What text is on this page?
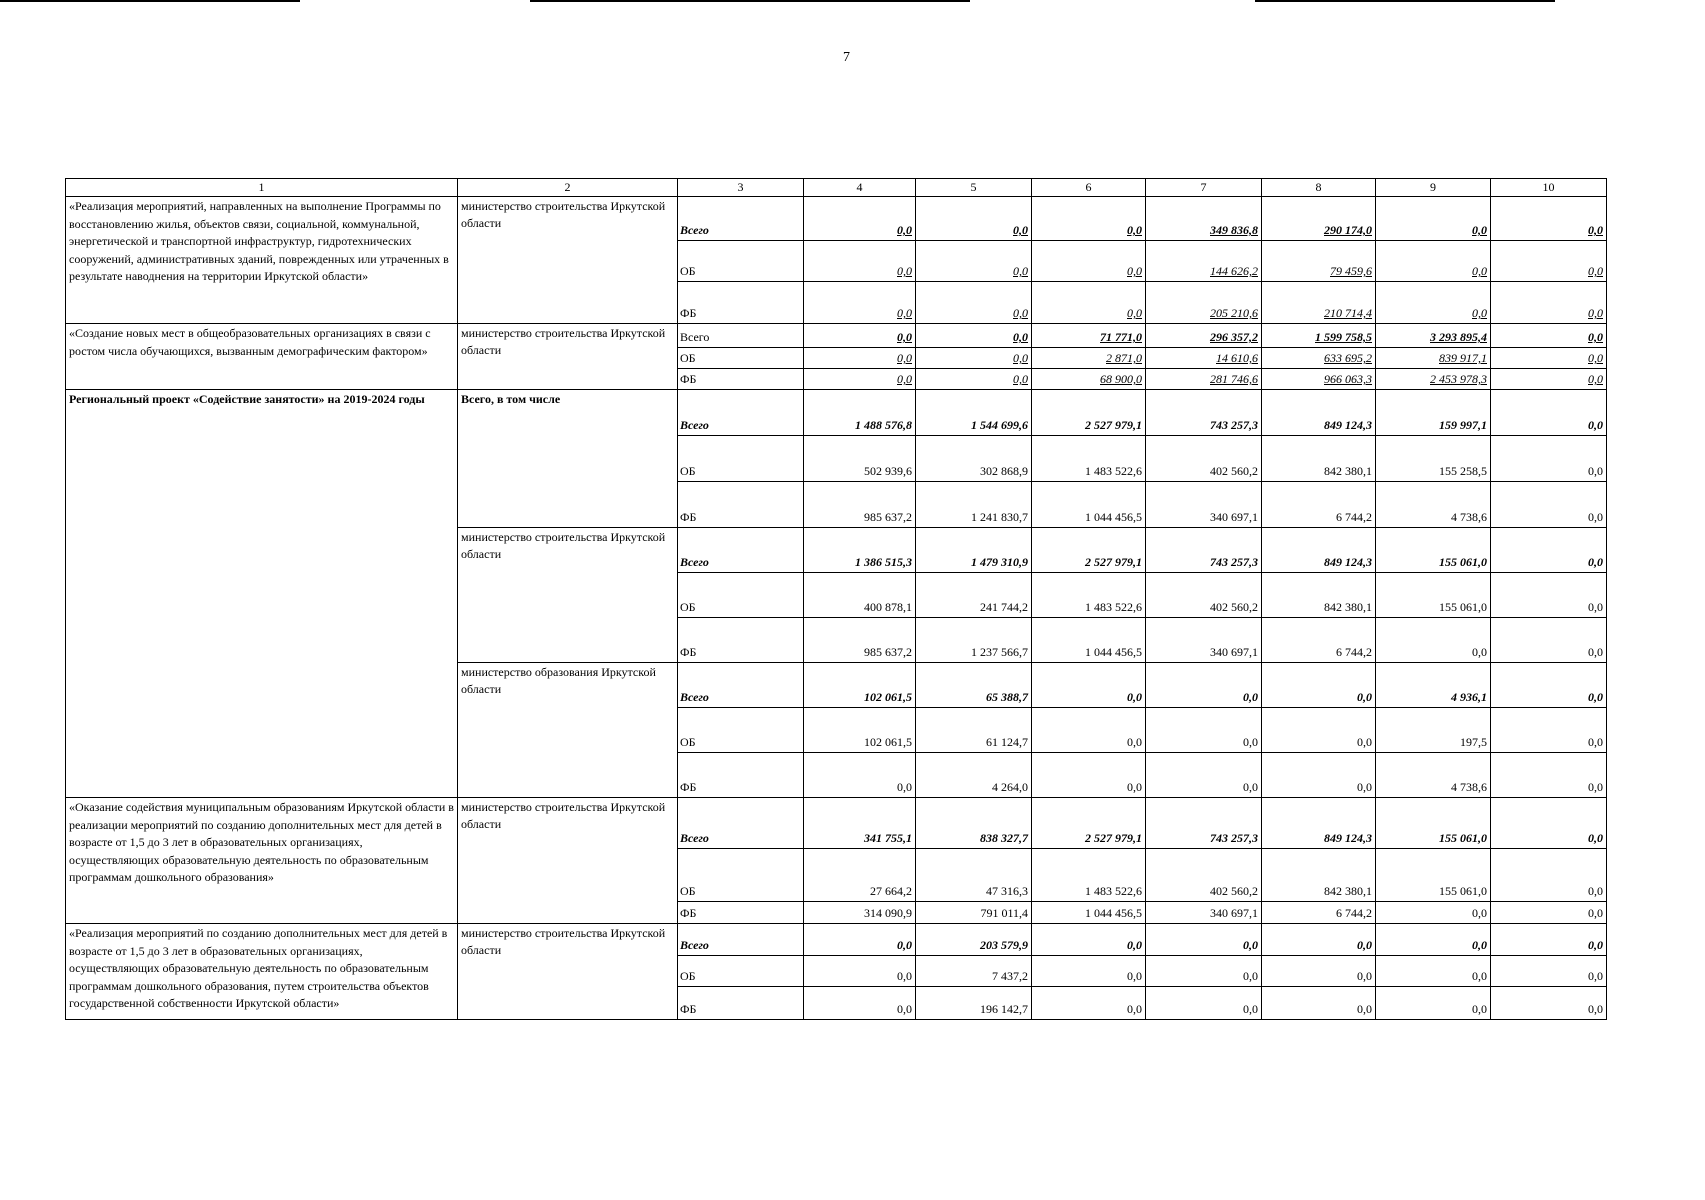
7
1	2	3	4	5	6	7	8	9	10
«Реализация мероприятий, направленных на выполнение Программы по восстановлению жилья, объектов связи, социальной, коммунальной, энергетической и транспортной инфраструктур, гидротехнических сооружений, административных зданий, поврежденных или утраченных в результате наводнения на территории Иркутской области»	министерство строительства Иркутской области	Всего	0,0	0,0	0,0	349 836,8	290 174,0	0,0	0,0
		ОБ	0,0	0,0	0,0	144 626,2	79 459,6	0,0	0,0
		ФБ	0,0	0,0	0,0	205 210,6	210 714,4	0,0	0,0
«Создание новых мест в общеобразовательных организациях в связи с ростом числа обучающихся, вызванным демографическим фактором»	министерство строительства Иркутской области	Всего	0,0	0,0	71 771,0	296 357,2	1 599 758,5	3 293 895,4	0,0
		ОБ	0,0	0,0	2 871,0	14 610,6	633 695,2	839 917,1	0,0
		ФБ	0,0	0,0	68 900,0	281 746,6	966 063,3	2 453 978,3	0,0
Региональный проект «Содействие занятости» на 2019-2024 годы	Всего, в том числе	Всего	1 488 576,8	1 544 699,6	2 527 979,1	743 257,3	849 124,3	159 997,1	0,0
		ОБ	502 939,6	302 868,9	1 483 522,6	402 560,2	842 380,1	155 258,5	0,0
		ФБ	985 637,2	1 241 830,7	1 044 456,5	340 697,1	6 744,2	4 738,6	0,0
	министерство строительства Иркутской области	Всего	1 386 515,3	1 479 310,9	2 527 979,1	743 257,3	849 124,3	155 061,0	0,0
		ОБ	400 878,1	241 744,2	1 483 522,6	402 560,2	842 380,1	155 061,0	0,0
		ФБ	985 637,2	1 237 566,7	1 044 456,5	340 697,1	6 744,2	0,0	0,0
	министерство образования Иркутской области	Всего	102 061,5	65 388,7	0,0	0,0	0,0	4 936,1	0,0
		ОБ	102 061,5	61 124,7	0,0	0,0	0,0	197,5	0,0
		ФБ	0,0	4 264,0	0,0	0,0	0,0	4 738,6	0,0
«Оказание содействия муниципальным образованиям Иркутской области в реализации мероприятий по созданию дополнительных мест для детей в возрасте от 1,5 до 3 лет в образовательных организациях, осуществляющих образовательную деятельность по образовательным программам дошкольного образования»	министерство строительства Иркутской области	Всего	341 755,1	838 327,7	2 527 979,1	743 257,3	849 124,3	155 061,0	0,0
		ОБ	27 664,2	47 316,3	1 483 522,6	402 560,2	842 380,1	155 061,0	0,0
		ФБ	314 090,9	791 011,4	1 044 456,5	340 697,1	6 744,2	0,0	0,0
«Реализация мероприятий по созданию дополнительных мест для детей в возрасте от 1,5 до 3 лет в образовательных организациях, осуществляющих образовательную деятельность по образовательным программам дошкольного образования, путем строительства объектов государственной собственности Иркутской области»	министерство строительства Иркутской области	Всего	0,0	203 579,9	0,0	0,0	0,0	0,0	0,0
		ОБ	0,0	7 437,2	0,0	0,0	0,0	0,0	0,0
		ФБ	0,0	196 142,7	0,0	0,0	0,0	0,0	0,0
